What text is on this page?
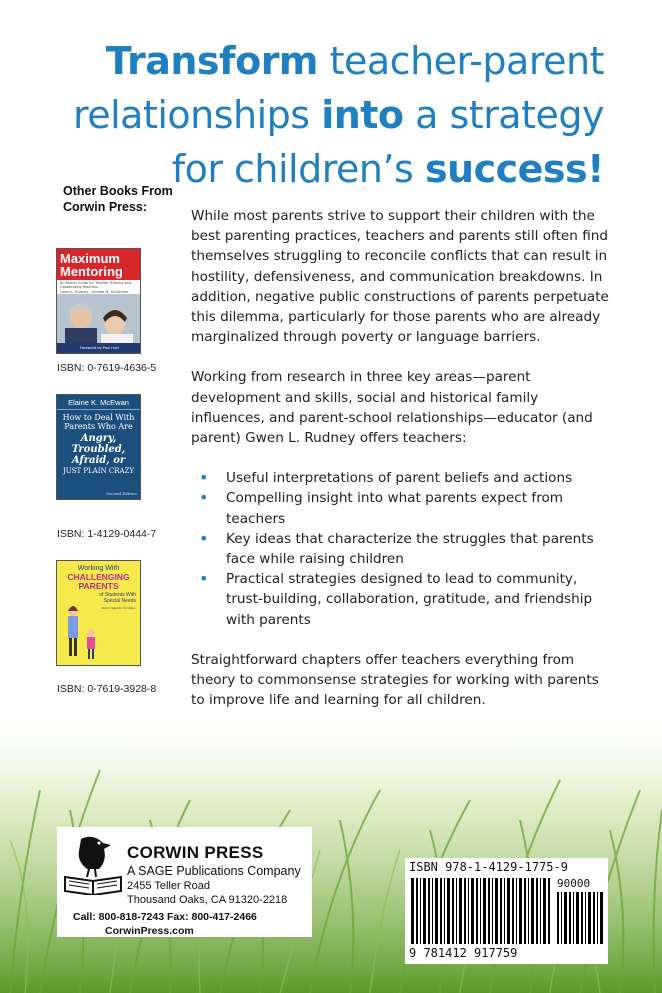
Transform teacher-parent
relationships into a strategy
for children’s success!
Other Books From Corwin Press:
Maximum Mentoring
An Action Guide for Teacher Trainers and Cooperating Teachers
Gwen L. Rudney · Andrea M. Guillaume
Foreword by Paul Hurt
ISBN: 0-7619-4636-5
Elaine K. McEwan
How to Deal With Parents Who Are
Angry, Troubled, Afraid, or
JUST PLAIN CRAZY
Second Edition
ISBN: 1-4129-0444-7
Working With
CHALLENGING PARENTS
of Students With Special Needs
JEAN CHEUNG SOWELL
ISBN: 0-7619-3928-8

While most parents strive to support their children with the best parenting practices, teachers and parents still often find themselves struggling to reconcile conflicts that can result in hostility, defensiveness, and communication breakdowns. In addition, negative public constructions of parents perpetuate this dilemma, particularly for those parents who are already marginalized through poverty or language barriers.

Working from research in three key areas—parent development and skills, social and historical family influences, and parent-school relationships—educator (and parent) Gwen L. Rudney offers teachers:

• Useful interpretations of parent beliefs and actions
• Compelling insight into what parents expect from teachers
• Key ideas that characterize the struggles that parents face while raising children
• Practical strategies designed to lead to community, trust-building, collaboration, gratitude, and friendship with parents

Straightforward chapters offer teachers everything from theory to commonsense strategies for working with parents

CORWIN PRESS
A SAGE Publications Company
2455 Teller Road
Thousand Oaks, CA 91320-2218
Call: 800-818-7243 Fax: 800-417-2466
CorwinPress.com
ISBN 978-1-4129-1775-9
90000
9 781412 917759
